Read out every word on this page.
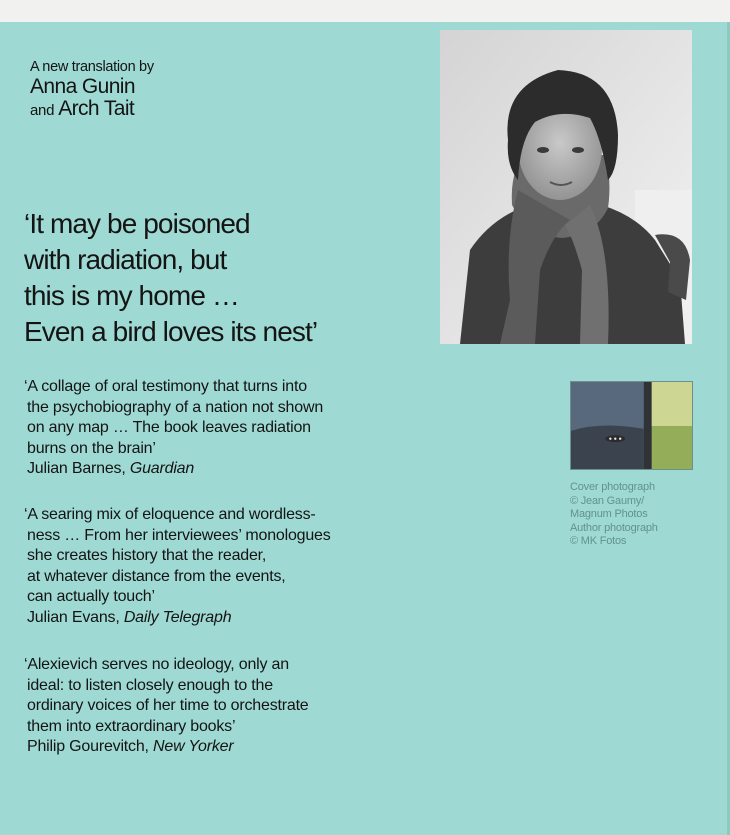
A new translation by
Anna Gunin
and Arch Tait
‘It may be poisoned
with radiation, but
this is my home …
Even a bird loves its nest’
Cover photograph
© Jean Gaumy/
Magnum Photos
Author photograph
© MK Fotos
‘A collage of oral testimony that turns into
the psychobiography of a nation not shown
on any map … The book leaves radiation
burns on the brain’
Julian Barnes, Guardian
‘A searing mix of eloquence and wordless-
ness … From her interviewees’ monologues
she creates history that the reader,
at whatever distance from the events,
can actually touch’
Julian Evans, Daily Telegraph
‘Alexievich serves no ideology, only an
ideal: to listen closely enough to the
ordinary voices of her time to orchestrate
them into extraordinary books’
Philip Gourevitch, New Yorker
